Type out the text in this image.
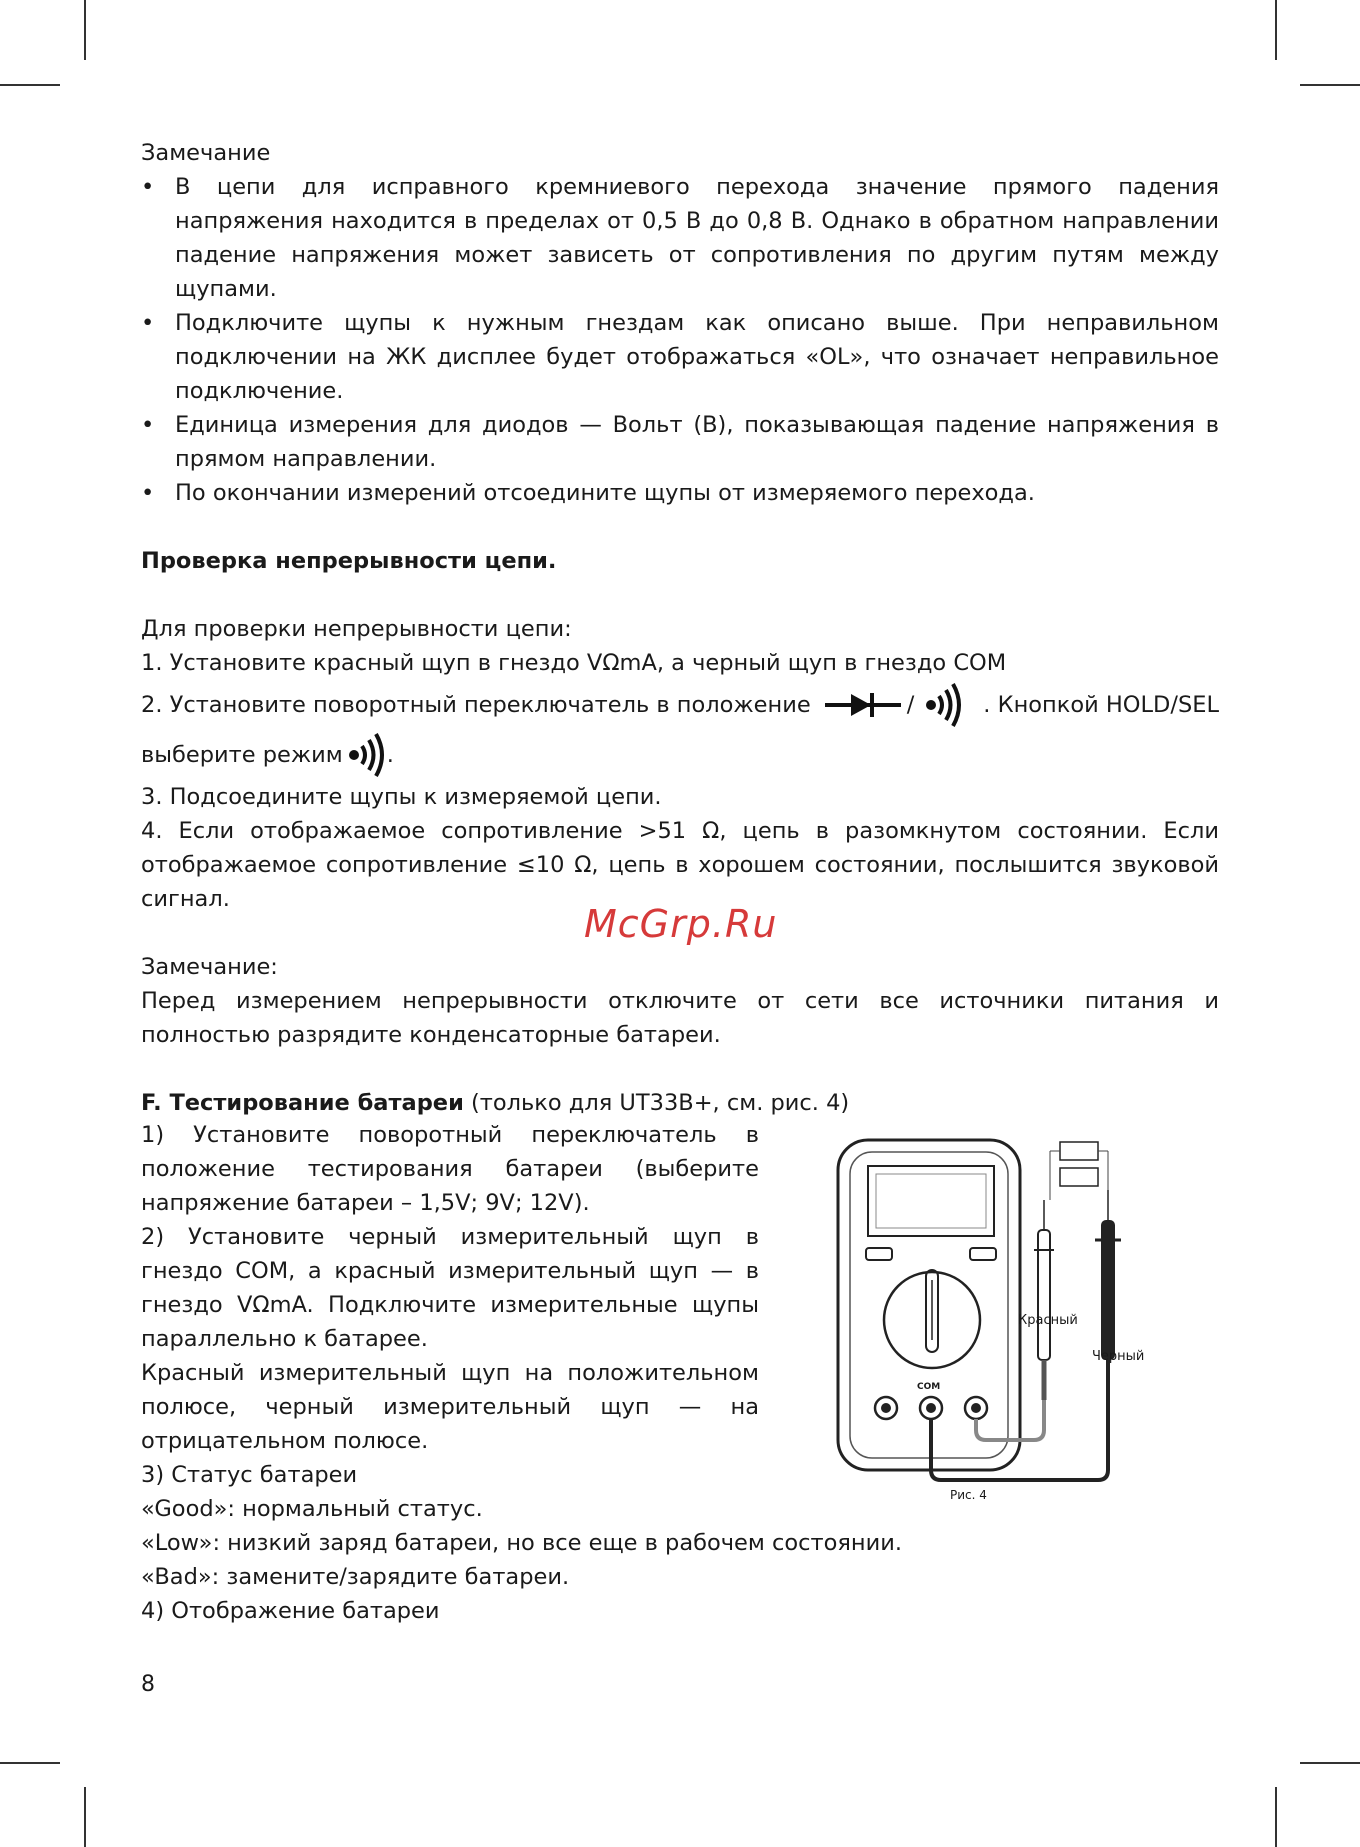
Замечание

• В цепи для исправного кремниевого перехода значение прямого падения напряжения находится в пределах от 0,5 В до 0,8 В. Однако в обратном направлении падение напряжения может зависеть от сопротивления по другим путям между щупами.

• Подключите щупы к нужным гнездам как описано выше. При неправильном подключении на ЖК дисплее будет отображаться «OL», что означает неправильное подключение.

• Единица измерения для диодов — Вольт (В), показывающая падение напряжения в прямом направлении.

• По окончании измерений отсоедините щупы от измеряемого перехода.

Проверка непрерывности цепи.

Для проверки непрерывности цепи:

1. Установите красный щуп в гнездо VΩmA, а черный щуп в гнездо COM

2. Установите поворотный переключатель в положение	/	. Кнопкой HOLD/SEL

выберите режим .

3. Подсоедините щупы к измеряемой цепи.

4. Если отображаемое сопротивление >51 Ω, цепь в разомкнутом состоянии. Если отображаемое сопротивление ≤10 Ω, цепь в хорошем состоянии, послышится звуковой сигнал.

Замечание:

Перед измерением непрерывности отключите от сети все источники питания и полностью разрядите конденсаторные батареи.

F. Тестирование батареи (только для UT33B+, см. рис. 4)

McGrp.Ru

1) Установите поворотный переключатель в положение тестирования батареи (выберите напряжение батареи – 1,5V; 9V; 12V).

2) Установите черный измерительный щуп в гнездо COM, а красный измерительный щуп — в гнездо VΩmA. Подключите измерительные щупы параллельно к батарее.

Красный измерительный щуп на положительном полюсе, черный измерительный щуп — на отрицательном полюсе.

3) Статус батареи

«Good»: нормальный статус.

«Low»: низкий заряд батареи, но все еще в рабочем состоянии.

«Bad»: замените/зарядите батареи.

4) Отображение батареи

Красный
Черный
COM
Рис. 4
8
